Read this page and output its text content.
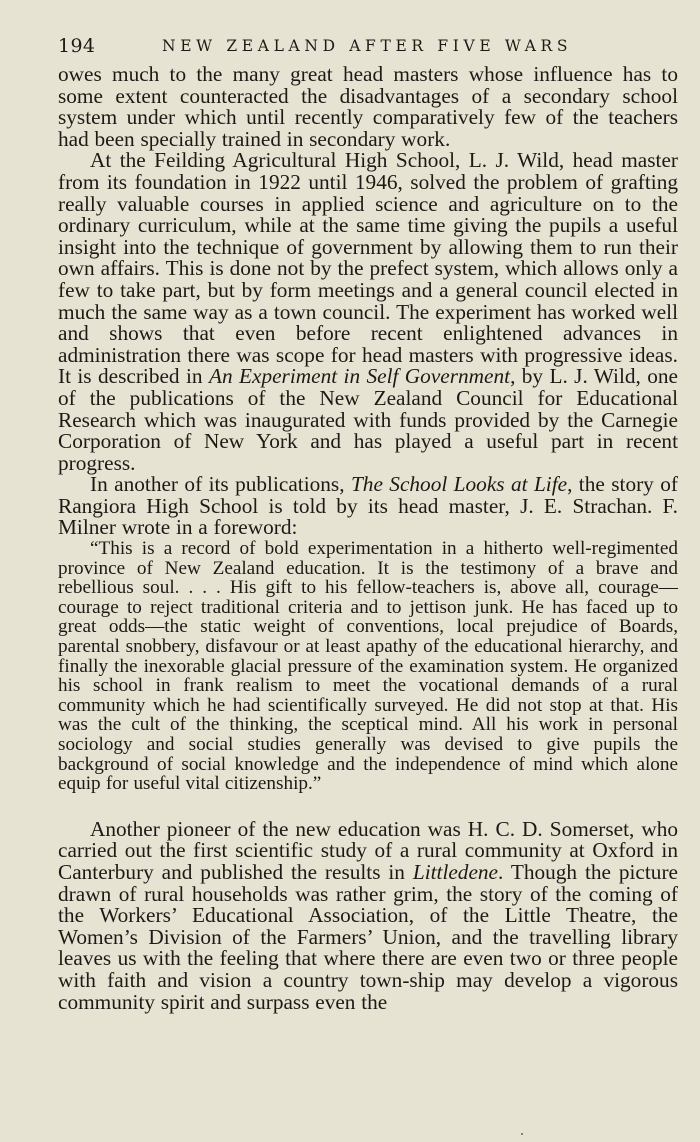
194	NEW ZEALAND AFTER FIVE WARS

owes much to the many great head masters whose influence has to some extent counteracted the disadvantages of a secondary school system under which until recently comparatively few of the teachers had been specially trained in secondary work.

At the Feilding Agricultural High School, L. J. Wild, head master from its foundation in 1922 until 1946, solved the problem of grafting really valuable courses in applied science and agriculture on to the ordinary curriculum, while at the same time giving the pupils a useful insight into the technique of government by allowing them to run their own affairs. This is done not by the prefect system, which allows only a few to take part, but by form meetings and a general council elected in much the same way as a town council. The experiment has worked well and shows that even before recent enlightened advances in administration there was scope for head masters with progressive ideas. It is described in An Experiment in Self Government, by L. J. Wild, one of the publications of the New Zealand Council for Educational Research which was inaugurated with funds provided by the Carnegie Corporation of New York and has played a useful part in recent progress.

In another of its publications, The School Looks at Life, the story of Rangiora High School is told by its head master, J. E. Strachan. F. Milner wrote in a foreword:

“This is a record of bold experimentation in a hitherto well-regimented province of New Zealand education. It is the testimony of a brave and rebellious soul. . . . His gift to his fellow-teachers is, above all, courage—courage to reject traditional criteria and to jettison junk. He has faced up to great odds—the static weight of conventions, local prejudice of Boards, parental snobbery, disfavour or at least apathy of the educational hierarchy, and finally the inexorable glacial pressure of the examination system. He organized his school in frank realism to meet the vocational demands of a rural community which he had scientifically surveyed. He did not stop at that. His was the cult of the thinking, the sceptical mind. All his work in personal sociology and social studies generally was devised to give pupils the background of social knowledge and the independence of mind which alone equip for useful vital citizenship.”

Another pioneer of the new education was H. C. D. Somerset, who carried out the first scientific study of a rural community at Oxford in Canterbury and published the results in Littledene. Though the picture drawn of rural households was rather grim, the story of the coming of the Workers’ Educational Association, of the Little Theatre, the Women’s Division of the Farmers’ Union, and the travelling library leaves us with the feeling that where there are even two or three people with faith and vision a country town-ship may develop a vigorous community spirit and surpass even the
